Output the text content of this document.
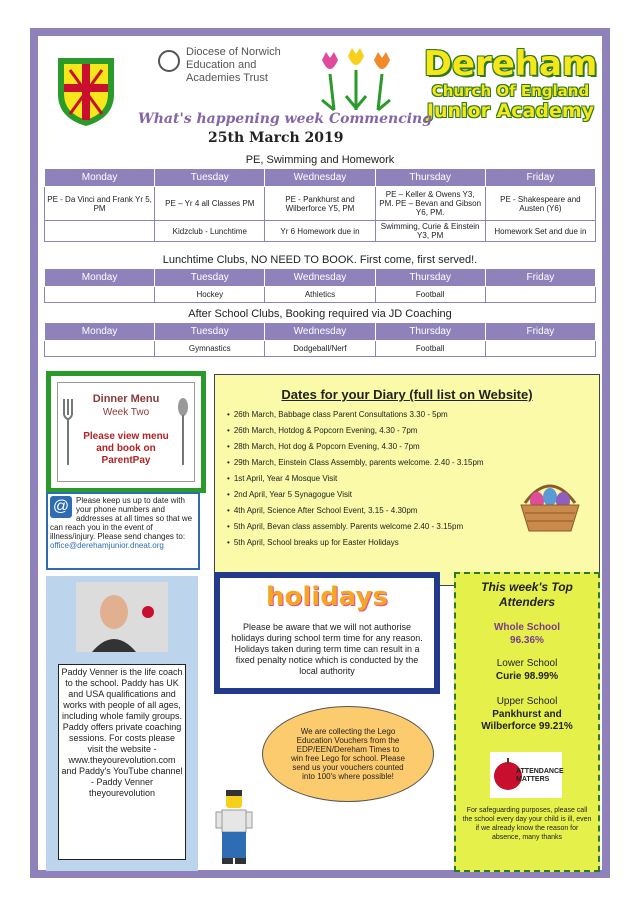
Diocese of Norwich
Education and
Academies Trust	Dereham
Church Of England
Junior Academy
What's happening week Commencing
25th March 2019
PE, Swimming and Homework
Monday	Tuesday	Wednesday	Thursday	Friday
PE - Da Vinci and Frank Yr 5, PM	PE – Yr 4 all Classes PM	PE - Pankhurst and Wilberforce Y5, PM	PE – Keller & Owens Y3, PM. PE – Bevan and Gibson Y6, PM.	PE - Shakespeare and Austen (Y6)
	Kidzclub - Lunchtime	Yr 6 Homework due in	Swimming, Curie & Einstein Y3, PM	Homework Set and due in
Lunchtime Clubs, NO NEED TO BOOK. First come, first served!.
Monday	Tuesday	Wednesday	Thursday	Friday
	Hockey	Athletics	Football	
After School Clubs, Booking required via JD Coaching
Monday	Tuesday	Wednesday	Thursday	Friday
	Gymnastics	Dodgeball/Nerf	Football	
Dinner Menu
Week Two
Please view menu and book on ParentPay
@ Please keep us up to date with your phone numbers and addresses at all times so that we can reach you in the event of illness/injury. Please send changes to:
office@derehamjunior.dneat.org
Dates for your Diary (full list on Website)
• 26th March, Babbage class Parent Consultations 3.30 - 5pm
• 26th March, Hotdog & Popcorn Evening, 4.30 - 7pm
• 28th March, Hot dog & Popcorn Evening, 4.30 - 7pm
• 29th March, Einstein Class Assembly, parents welcome. 2.40 - 3.15pm
• 1st April, Year 4 Mosque Visit
• 2nd April, Year 5 Synagogue Visit
• 4th April, Science After School Event, 3.15 - 4.30pm
• 5th April, Bevan class assembly. Parents welcome 2.40 - 3.15pm
• 5th April, School breaks up for Easter Holidays
Paddy Venner is the life coach to the school. Paddy has UK and USA qualifications and works with people of all ages, including whole family groups. Paddy offers private coaching sessions. For costs please visit the website - www.theyourevolution.com and Paddy's YouTube channel - Paddy Venner theyourevolution
holidays
Please be aware that we will not authorise holidays during school term time for any reason. Holidays taken during term time can result in a fixed penalty notice which is conducted by the local authority
We are collecting the Lego Education Vouchers from the EDP/EEN/Dereham Times to win free Lego for school. Please send us your vouchers counted into 100's where possible!
This week's Top Attenders
Whole School
96.36%
Lower School
Curie 98.99%
Upper School
Pankhurst and Wilberforce 99.21%
ATTENDANCE MATTERS
For safeguarding purposes, please call the school every day your child is ill, even if we already know the reason for absence, many thanks
